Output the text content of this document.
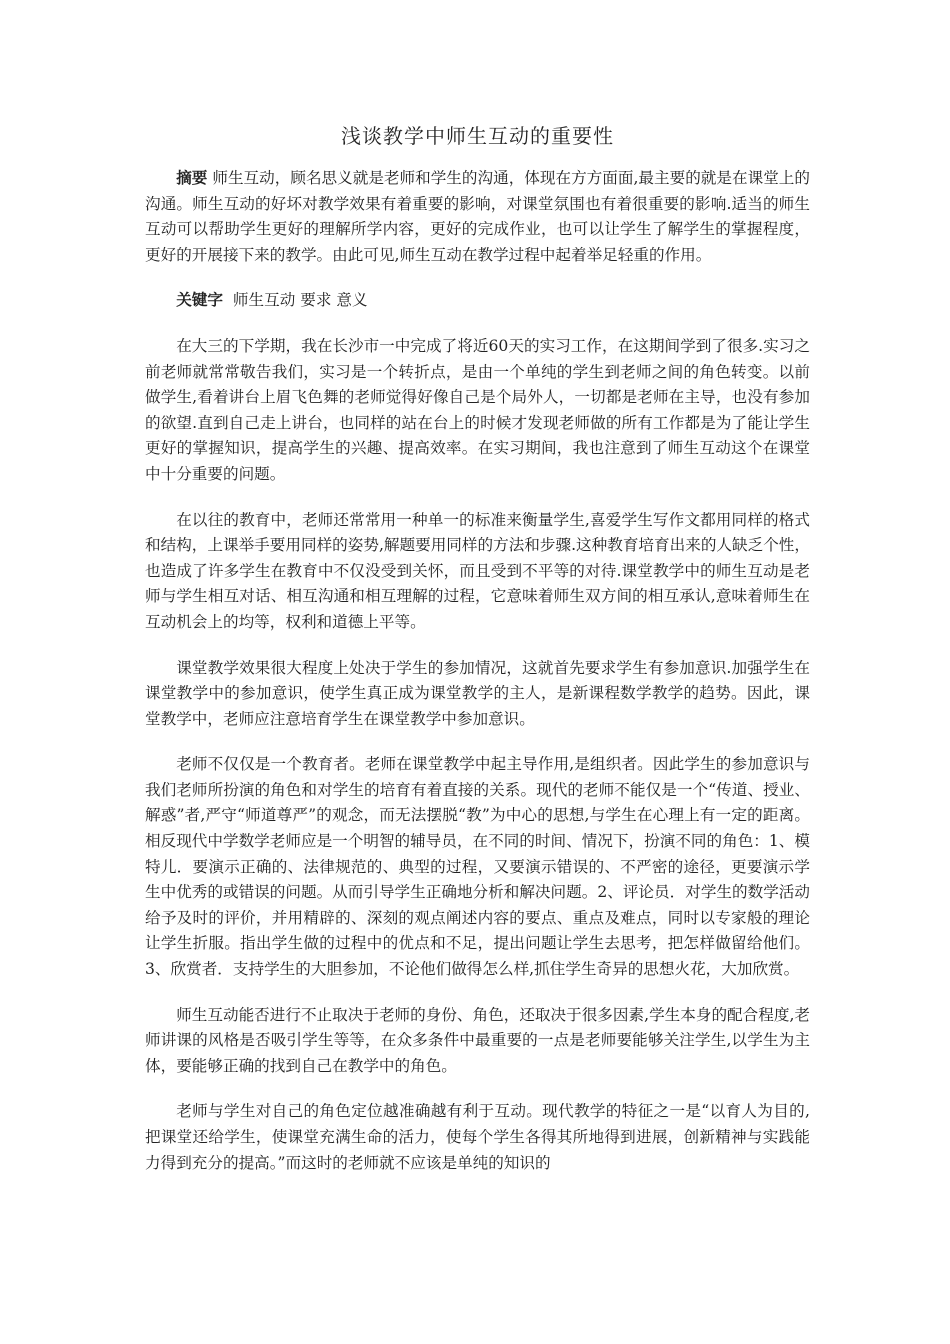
浅谈教学中师生互动的重要性

摘要 师生互动，顾名思义就是老师和学生的沟通，体现在方方面面,最主要的就是在课堂上的沟通。师生互动的好坏对教学效果有着重要的影响，对课堂氛围也有着很重要的影响.适当的师生互动可以帮助学生更好的理解所学内容，更好的完成作业，也可以让学生了解学生的掌握程度，更好的开展接下来的教学。由此可见,师生互动在教学过程中起着举足轻重的作用。

关键字 师生互动 要求 意义

在大三的下学期，我在长沙市一中完成了将近60天的实习工作，在这期间学到了很多.实习之前老师就常常敬告我们，实习是一个转折点，是由一个单纯的学生到老师之间的角色转变。以前做学生,看着讲台上眉飞色舞的老师觉得好像自己是个局外人，一切都是老师在主导，也没有参加的欲望.直到自己走上讲台，也同样的站在台上的时候才发现老师做的所有工作都是为了能让学生更好的掌握知识，提高学生的兴趣、提高效率。在实习期间，我也注意到了师生互动这个在课堂中十分重要的问题。

在以往的教育中，老师还常常用一种单一的标准来衡量学生,喜爱学生写作文都用同样的格式和结构，上课举手要用同样的姿势,解题要用同样的方法和步骤.这种教育培育出来的人缺乏个性，也造成了许多学生在教育中不仅没受到关怀，而且受到不平等的对待.课堂教学中的师生互动是老师与学生相互对话、相互沟通和相互理解的过程，它意味着师生双方间的相互承认,意味着师生在互动机会上的均等，权利和道德上平等。

课堂教学效果很大程度上处决于学生的参加情况，这就首先要求学生有参加意识.加强学生在课堂教学中的参加意识，使学生真正成为课堂教学的主人，是新课程数学教学的趋势。因此，课堂教学中，老师应注意培育学生在课堂教学中参加意识。

老师不仅仅是一个教育者。老师在课堂教学中起主导作用,是组织者。因此学生的参加意识与我们老师所扮演的角色和对学生的培育有着直接的关系。现代的老师不能仅是一个“传道、授业、解惑”者,严守“师道尊严”的观念，而无法摆脱“教”为中心的思想,与学生在心理上有一定的距离。相反现代中学数学老师应是一个明智的辅导员，在不同的时间、情况下，扮演不同的角色：1、模特儿．要演示正确的、法律规范的、典型的过程，又要演示错误的、不严密的途径，更要演示学生中优秀的或错误的问题。从而引导学生正确地分析和解决问题。2、评论员．对学生的数学活动给予及时的评价，并用精辟的、深刻的观点阐述内容的要点、重点及难点，同时以专家般的理论让学生折服。指出学生做的过程中的优点和不足，提出问题让学生去思考，把怎样做留给他们。3、欣赏者．支持学生的大胆参加，不论他们做得怎么样,抓住学生奇异的思想火花，大加欣赏。

师生互动能否进行不止取决于老师的身份、角色，还取决于很多因素,学生本身的配合程度,老师讲课的风格是否吸引学生等等，在众多条件中最重要的一点是老师要能够关注学生,以学生为主体，要能够正确的找到自己在教学中的角色。

老师与学生对自己的角色定位越准确越有利于互动。现代教学的特征之一是“以育人为目的,把课堂还给学生，使课堂充满生命的活力，使每个学生各得其所地得到进展，创新精神与实践能力得到充分的提高。”而这时的老师就不应该是单纯的知识的
